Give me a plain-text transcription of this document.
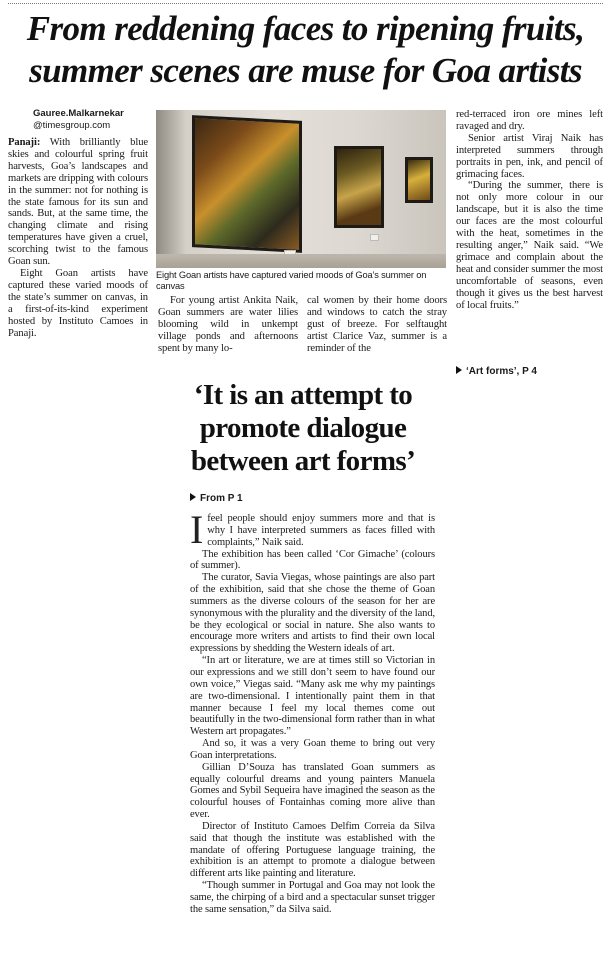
From reddening faces to ripening fruits,
summer scenes are muse for Goa artists
Gauree.Malkarnekar
@timesgroup.com

Panaji: With brilliantly blue skies and colourful spring fruit harvests, Goa’s landscapes and markets are dripping with colours in the summer: not for nothing is the state famous for its sun and sands. But, at the same time, the changing climate and rising temperatures have given a cruel, scorching twist to the famous Goan sun.

Eight Goan artists have captured these varied moods of the state’s summer on canvas, in a first-of-its-kind experiment hosted by Instituto Camoes in Panaji.

Eight Goan artists have captured varied moods of Goa’s summer on canvas

For young artist Ankita Naik, Goan summers are water lilies blooming wild in unkempt village ponds and afternoons spent by many lo-

cal women by their home doors and windows to catch the stray gust of breeze. For selftaught artist Clarice Vaz, summer is a reminder of the

red-terraced iron ore mines left ravaged and dry.

Senior artist Viraj Naik has interpreted summers through portraits in pen, ink, and pencil of grimacing faces.

“During the summer, there is not only more colour in our landscape, but it is also the time our faces are the most colourful with the heat, sometimes in the resulting anger,” Naik said. “We grimace and complain about the heat and consider summer the most uncomfortable of seasons, even though it gives us the best harvest of local fruits.”

‘Art forms’, P 4
‘It is an attempt to
promote dialogue
between art forms’
From P 1

Ifeel people should enjoy summers more and that is why I have interpreted summers as faces filled with complaints,” Naik said.

The exhibition has been called ‘Cor Gimache’ (colours of summer).

The curator, Savia Viegas, whose paintings are also part of the exhibition, said that she chose the theme of Goan summers as the diverse colours of the season for her are synonymous with the plurality and the diversity of the land, be they ecological or social in nature. She also wants to encourage more writers and artists to find their own local expressions by shedding the Western ideals of art.

“In art or literature, we are at times still so Victorian in our expressions and we still don’t seem to have found our own voice,” Viegas said. “Many ask me why my paintings are two-dimensional. I intentionally paint them in that manner because I feel my local themes come out beautifully in the two-dimensional form rather than in what Western art propagates.”

And so, it was a very Goan theme to bring out very Goan interpretations.

Gillian D’Souza has translated Goan summers as equally colourful dreams and young painters Manuela Gomes and Sybil Sequeira have imagined the season as the colourful houses of Fontainhas coming more alive than ever.

Director of Instituto Camoes Delfim Correia da Silva said that though the institute was established with the mandate of offering Portuguese language training, the exhibition is an attempt to promote a dialogue between different arts like painting and literature.

“Though summer in Portugal and Goa may not look the same, the chirping of a bird and a spectacular sunset trigger the same sensation,” da Silva said.
